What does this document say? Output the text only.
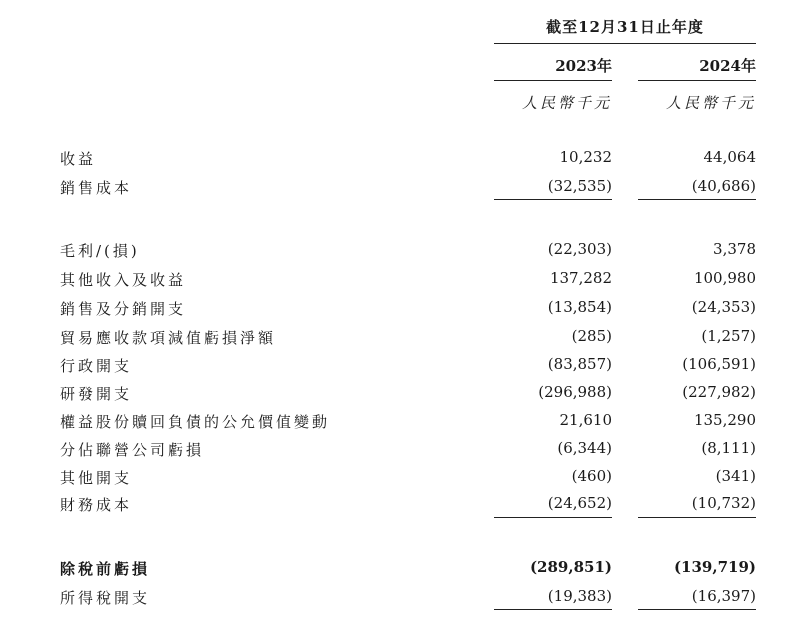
截至12月31日止年度
2023年	2024年
人民幣千元	人民幣千元
收益	10,232	44,064
銷售成本	(32,535)	(40,686)
毛利/(損)	(22,303)	3,378
其他收入及收益	137,282	100,980
銷售及分銷開支	(13,854)	(24,353)
貿易應收款項減值虧損淨額	(285)	(1,257)
行政開支	(83,857)	(106,591)
研發開支	(296,988)	(227,982)
權益股份贖回負債的公允價值變動	21,610	135,290
分佔聯營公司虧損	(6,344)	(8,111)
其他開支	(460)	(341)
財務成本	(24,652)	(10,732)
除稅前虧損	(289,851)	(139,719)
所得稅開支	(19,383)	(16,397)
